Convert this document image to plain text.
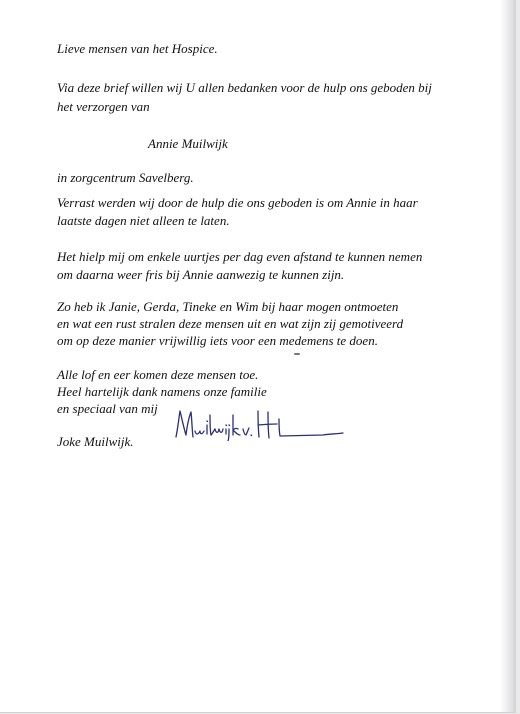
Lieve mensen van het Hospice.
Via deze brief willen wij U allen bedanken voor de hulp ons geboden bij
het verzorgen van
Annie Muilwijk
in zorgcentrum Savelberg.
Verrast werden wij door de hulp die ons geboden is om Annie in haar
laatste dagen niet alleen te laten.
Het hielp mij om enkele uurtjes per dag even afstand te kunnen nemen
om daarna weer fris bij Annie aanwezig te kunnen zijn.
Zo heb ik Janie, Gerda, Tineke en Wim bij haar mogen ontmoeten
en wat een rust stralen deze mensen uit en wat zijn zij gemotiveerd
om op deze manier vrijwillig iets voor een medemens te doen.
Alle lof en eer komen deze mensen toe.
Heel hartelijk dank namens onze familie
en speciaal van mij
Joke Muilwijk.
